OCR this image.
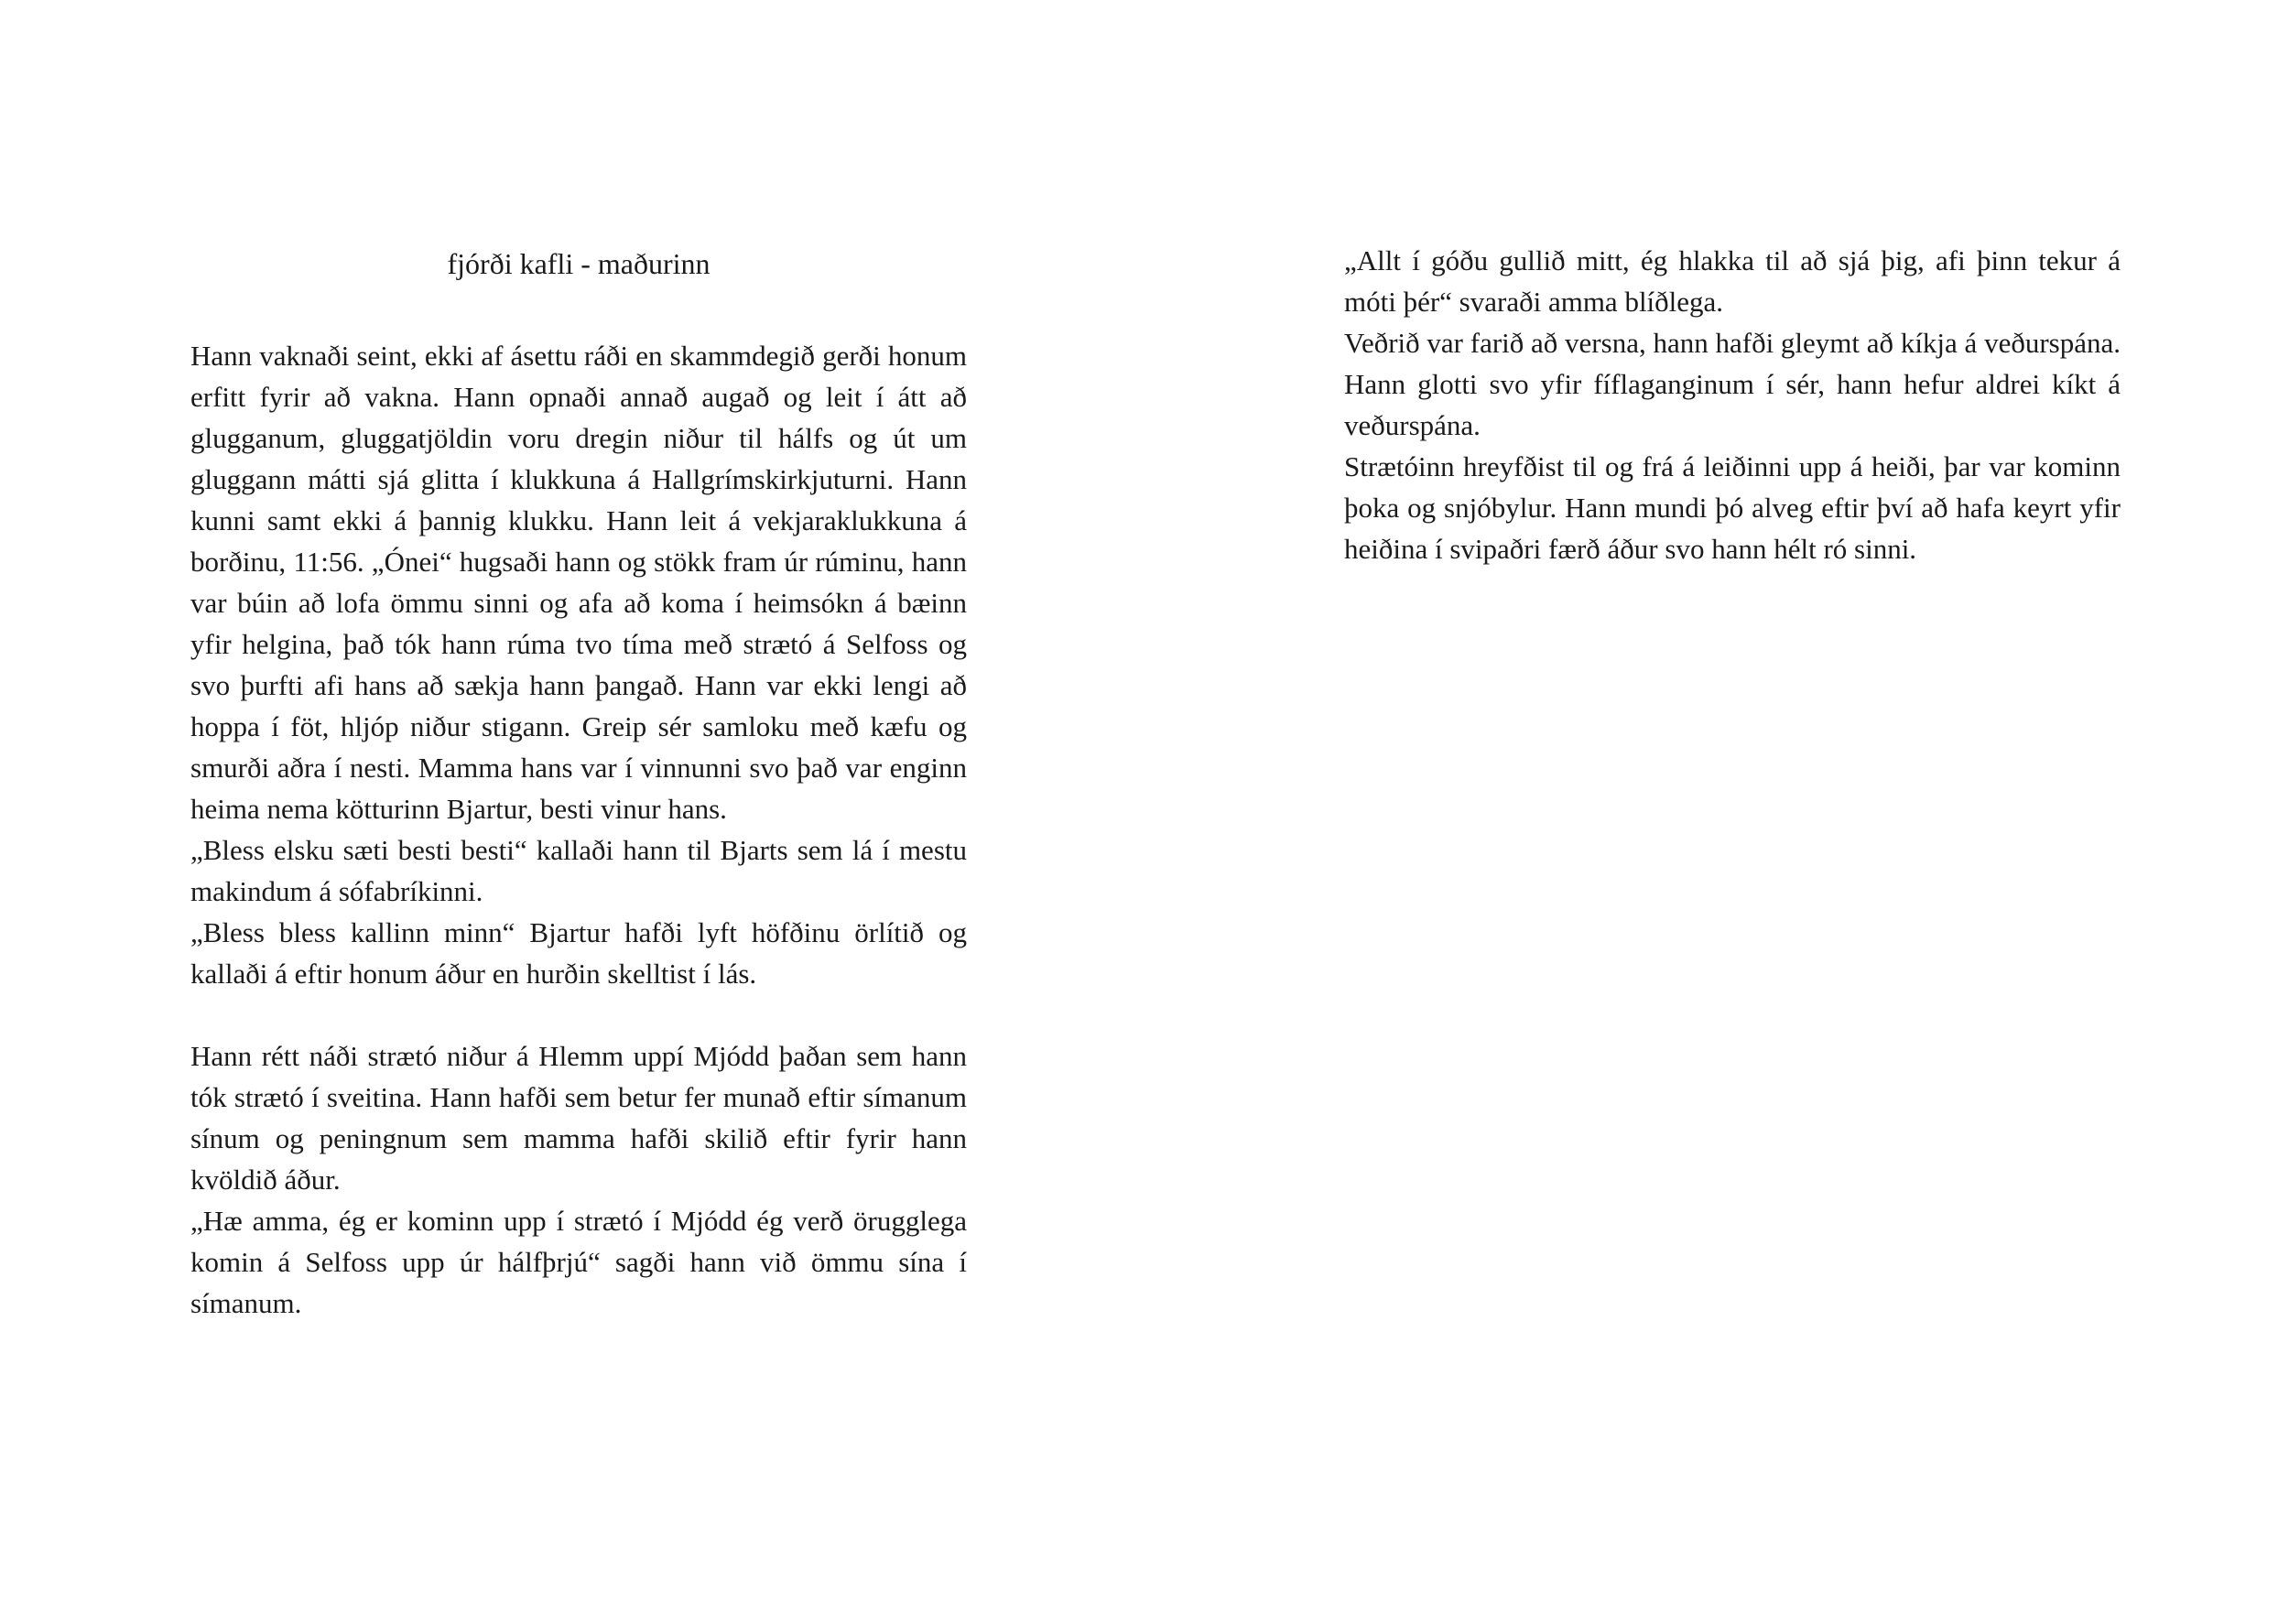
fjórði kafli - maðurinn

Hann vaknaði seint, ekki af ásettu ráði en skammdegið gerði honum erfitt fyrir að vakna. Hann opnaði annað augað og leit í átt að glugganum, gluggatjöldin voru dregin niður til hálfs og út um gluggann mátti sjá glitta í klukkuna á Hallgrímskirkjuturni. Hann kunni samt ekki á þannig klukku. Hann leit á vekjaraklukkuna á borðinu, 11:56. „Ónei“ hugsaði hann og stökk fram úr rúminu, hann var búin að lofa ömmu sinni og afa að koma í heimsókn á bæinn yfir helgina, það tók hann rúma tvo tíma með strætó á Selfoss og svo þurfti afi hans að sækja hann þangað. Hann var ekki lengi að hoppa í föt, hljóp niður stigann. Greip sér samloku með kæfu og smurði aðra í nesti. Mamma hans var í vinnunni svo það var enginn heima nema kötturinn Bjartur, besti vinur hans.

„Bless elsku sæti besti besti“ kallaði hann til Bjarts sem lá í mestu makindum á sófabríkinni.

„Bless bless kallinn minn“ Bjartur hafði lyft höfðinu örlítið og kallaði á eftir honum áður en hurðin skelltist í lás.

Hann rétt náði strætó niður á Hlemm uppí Mjódd þaðan sem hann tók strætó í sveitina. Hann hafði sem betur fer munað eftir símanum sínum og peningnum sem mamma hafði skilið eftir fyrir hann kvöldið áður.

„Hæ amma, ég er kominn upp í strætó í Mjódd ég verð örugglega komin á Selfoss upp úr hálfþrjú“ sagði hann við ömmu sína í símanum.

„Allt í góðu gullið mitt, ég hlakka til að sjá þig, afi þinn tekur á móti þér“ svaraði amma blíðlega.

Veðrið var farið að versna, hann hafði gleymt að kíkja á veðurspána. Hann glotti svo yfir fíflaganginum í sér, hann hefur aldrei kíkt á veðurspána.

Strætóinn hreyfðist til og frá á leiðinni upp á heiði, þar var kominn þoka og snjóbylur. Hann mundi þó alveg eftir því að hafa keyrt yfir heiðina í svipaðri færð áður svo hann hélt ró sinni.
